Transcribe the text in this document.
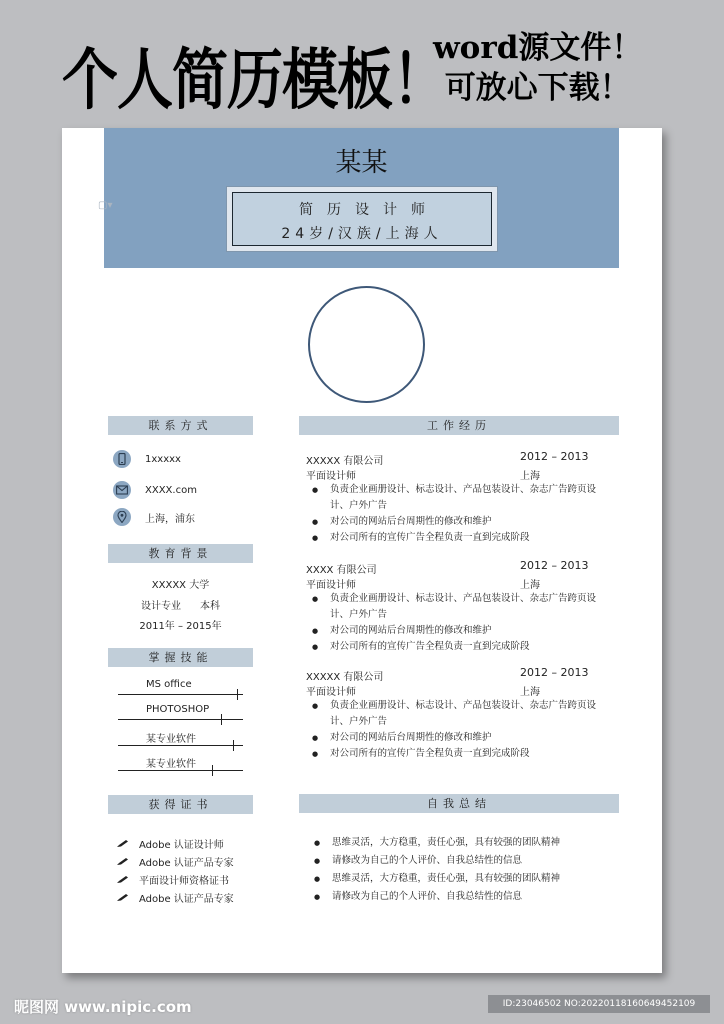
个人简历模板！
word源文件！
可放心下载！
某某
简历设计师
24岁/汉族/上海人
▢▾
联系方式
1xxxxx
XXXX.com
上海，浦东
教育背景
XXXXX 大学
设计专业      本科
2011年 – 2015年
掌握技能
MS office
PHOTOSHOP
某专业软件
某专业软件
获得证书
Adobe 认证设计师
Adobe 认证产品专家
平面设计师资格证书
Adobe 认证产品专家
工作经历
XXXXX 有限公司	2012 – 2013
平面设计师	上海
● 负责企业画册设计、标志设计、产品包装设计、杂志广告跨页设计、户外广告
● 对公司的网站后台周期性的修改和维护
● 对公司所有的宣传广告全程负责一直到完成阶段
XXXX 有限公司	2012 – 2013
平面设计师	上海
● 负责企业画册设计、标志设计、产品包装设计、杂志广告跨页设计、户外广告
● 对公司的网站后台周期性的修改和维护
● 对公司所有的宣传广告全程负责一直到完成阶段
XXXXX 有限公司	2012 – 2013
平面设计师	上海
● 负责企业画册设计、标志设计、产品包装设计、杂志广告跨页设计、户外广告
● 对公司的网站后台周期性的修改和维护
● 对公司所有的宣传广告全程负责一直到完成阶段
自我总结
● 思维灵活，大方稳重，责任心强，具有较强的团队精神
● 请修改为自己的个人评价、自我总结性的信息
● 思维灵活，大方稳重，责任心强，具有较强的团队精神
● 请修改为自己的个人评价、自我总结性的信息
昵图网 www.nipic.com	ID:23046502 NO:20220118160649452109
